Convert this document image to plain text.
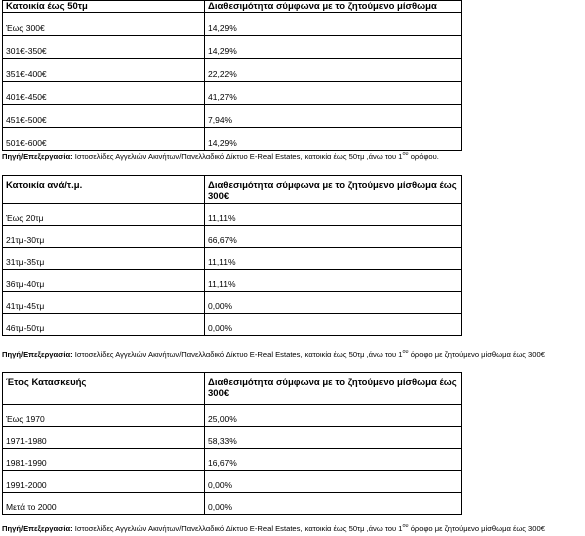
Κατοικία έως 50τμ	Διαθεσιμότητα σύμφωνα με το ζητούμενο μίσθωμα
Έως 300€	14,29%
301€-350€	14,29%
351€-400€	22,22%
401€-450€	41,27%
451€-500€	7,94%
501€-600€	14,29%
Πηγή/Επεξεργασία: Ιστοσελίδες Αγγελιών Ακινήτων/Πανελλαδικό Δίκτυο E-Real Estates, κατοικία έως 50τμ ,άνω του $1^{o\upsilon}$ ορόφου.
Κατοικία ανά/τ.μ.	Διαθεσιμότητα σύμφωνα με το ζητούμενο μίσθωμα έως 300€
Έως 20τμ	11,11%
21τμ-30τμ	66,67%
31τμ-35τμ	11,11%
36τμ-40τμ	11,11%
41τμ-45τμ	0,00%
46τμ-50τμ	0,00%
Πηγή/Επεξεργασία: Ιστοσελίδες Αγγελιών Ακινήτων/Πανελλαδικό Δίκτυο E-Real Estates, κατοικία έως 50τμ ,άνω του $1^{o\upsilon}$ όροφο με ζητούμενο μίσθωμα έως 300€
Έτος Κατασκευής	Διαθεσιμότητα σύμφωνα με το ζητούμενο μίσθωμα έως 300€
Έως 1970	25,00%
1971-1980	58,33%
1981-1990	16,67%
1991-2000	0,00%
Μετά το 2000	0,00%
Πηγή/Επεξεργασία: Ιστοσελίδες Αγγελιών Ακινήτων/Πανελλαδικό Δίκτυο E-Real Estates, κατοικία έως 50τμ ,άνω του $1^{o\upsilon}$ όροφο με ζητούμενο μίσθωμα έως 300€
